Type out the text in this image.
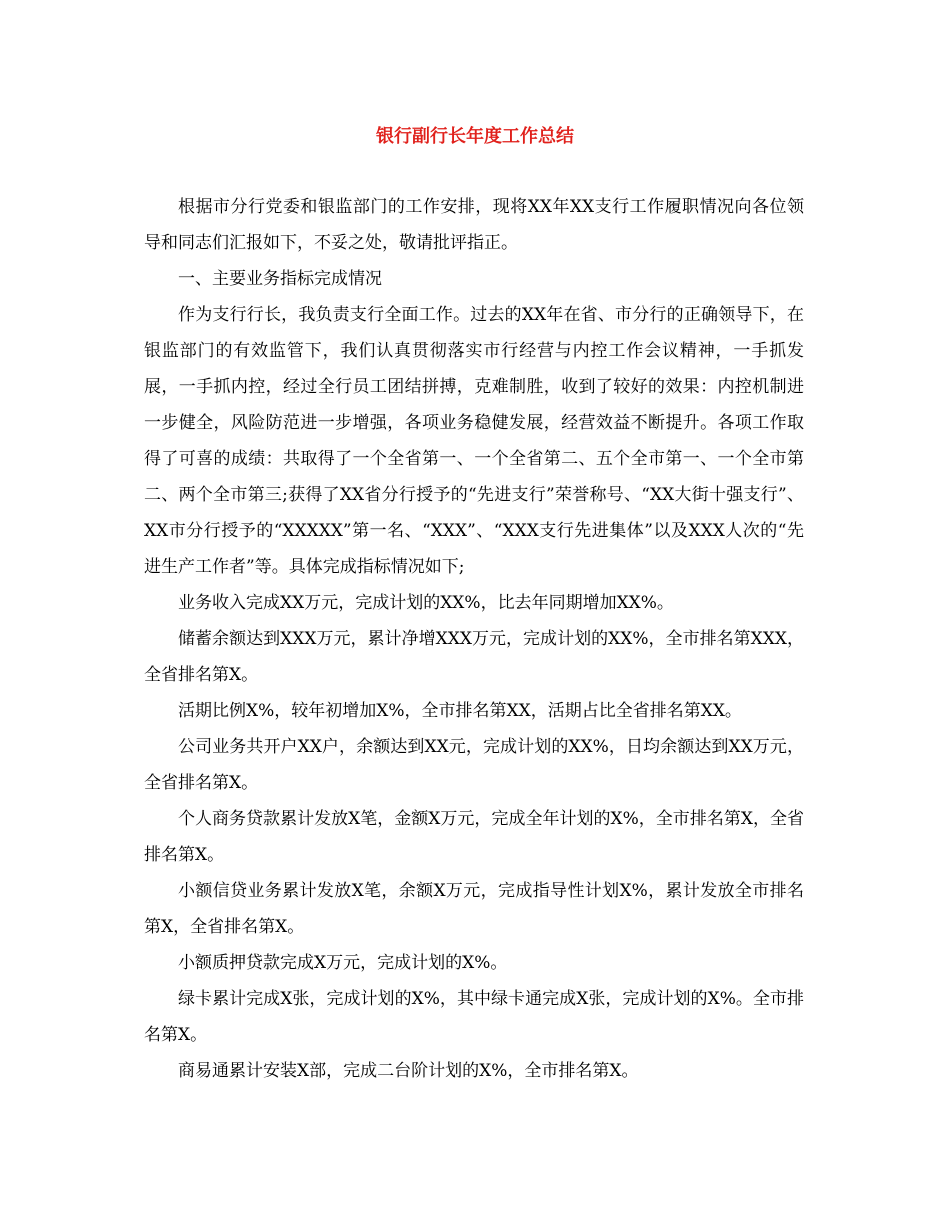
银行副行长年度工作总结

根据市分行党委和银监部门的工作安排，现将XX年XX支行工作履职情况向各位领导和同志们汇报如下，不妥之处，敬请批评指正。

一、主要业务指标完成情况

作为支行行长，我负责支行全面工作。过去的XX年在省、市分行的正确领导下，在银监部门的有效监管下，我们认真贯彻落实市行经营与内控工作会议精神，一手抓发展，一手抓内控，经过全行员工团结拼搏，克难制胜，收到了较好的效果：内控机制进一步健全，风险防范进一步增强，各项业务稳健发展，经营效益不断提升。各项工作取得了可喜的成绩：共取得了一个全省第一、一个全省第二、五个全市第一、一个全市第二、两个全市第三;获得了XX省分行授予的“先进支行”荣誉称号、“XX大街十强支行”、XX市分行授予的“XXXXX”第一名、“XXX”、“XXX支行先进集体”以及XXX人次的“先进生产工作者”等。具体完成指标情况如下;

业务收入完成XX万元，完成计划的XX%，比去年同期增加XX%。

储蓄余额达到XXX万元，累计净增XXX万元，完成计划的XX%，全市排名第XXX，全省排名第X。

活期比例X%，较年初增加X%，全市排名第XX，活期占比全省排名第XX。

公司业务共开户XX户，余额达到XX元，完成计划的XX%，日均余额达到XX万元，全省排名第X。

个人商务贷款累计发放X笔，金额X万元，完成全年计划的X%，全市排名第X，全省排名第X。

小额信贷业务累计发放X笔，余额X万元，完成指导性计划X%，累计发放全市排名第X，全省排名第X。

小额质押贷款完成X万元，完成计划的X%。

绿卡累计完成X张，完成计划的X%，其中绿卡通完成X张，完成计划的X%。全市排名第X。

商易通累计安装X部，完成二台阶计划的X%，全市排名第X。
